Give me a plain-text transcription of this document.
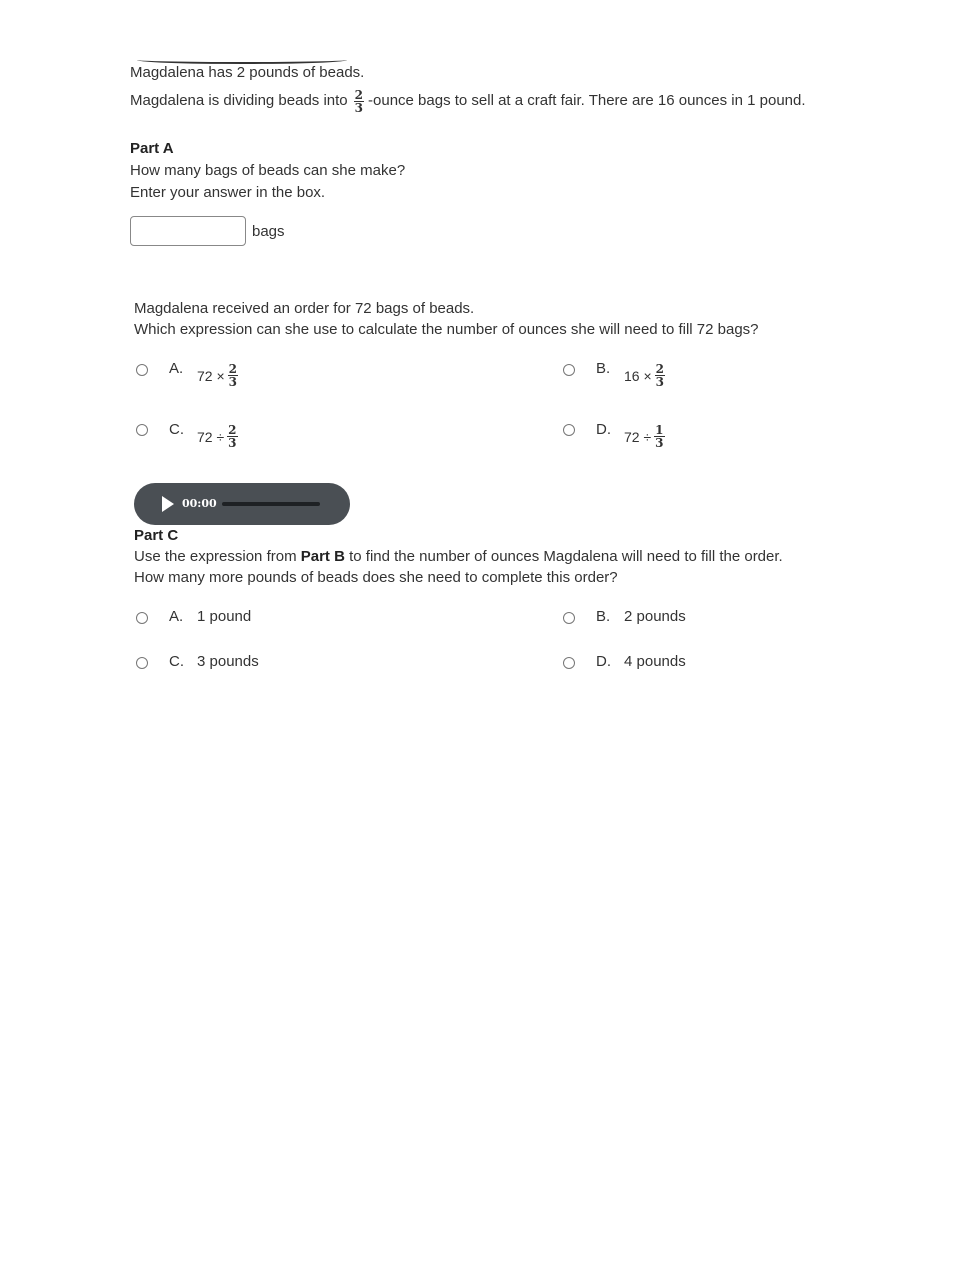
Magdalena has 2 pounds of beads.
Magdalena is dividing beads into $\frac{2}{3}$ -ounce bags to sell at a craft fair. There are 16 ounces in 1 pound.
Part A
How many bags of beads can she make?
Enter your answer in the box.
bags
Magdalena received an order for 72 bags of beads.
Which expression can she use to calculate the number of ounces she will need to fill 72 bags?
A. $72 \times \frac{2}{3}$	B. $16 \times \frac{2}{3}$
C. $72 \div \frac{2}{3}$	D. $72 \div \frac{1}{3}$
00:00
Part C
Use the expression from Part B to find the number of ounces Magdalena will need to fill the order.
How many more pounds of beads does she need to complete this order?
A. 1 pound	B. 2 pounds
C. 3 pounds	D. 4 pounds
